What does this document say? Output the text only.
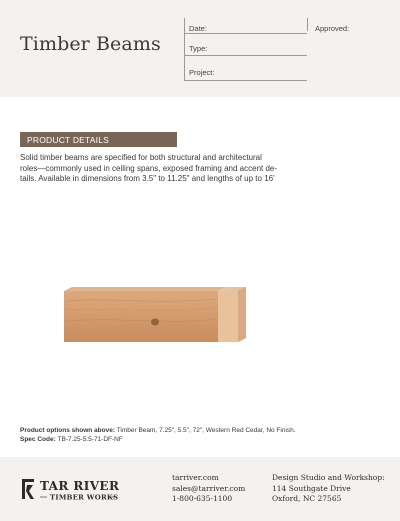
Timber Beams
Date:	Approved:
Type:
Project:
PRODUCT DETAILS
Solid timber beams are specified for both structural and architectural
roles—commonly used in ceiling spans, exposed framing and accent de-
tails. Available in dimensions from 3.5" to 11.25" and lengths of up to 16'
Product options shown above: Timber Beam, 7.25", 5.5", 72", Western Red Cedar, No Finish.
Spec Code: TB-7.25-5.5-71-DF-NF
TAR RIVER
TIMBER WORKS
tarriver.com
sales@tarriver.com
1-800-635-1100
Design Studio and Workshop:
114 Southgate Drive
Oxford, NC 27565
